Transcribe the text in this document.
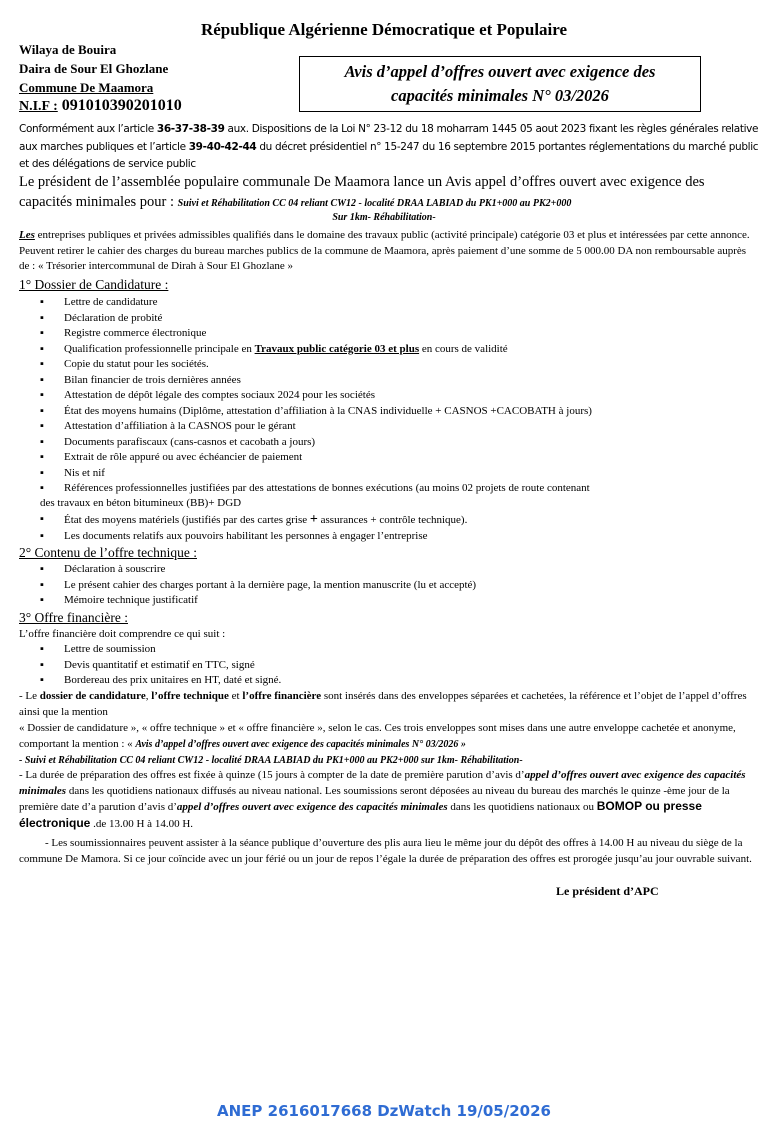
République Algérienne Démocratique et Populaire
Wilaya de Bouira
Daira de Sour El Ghozlane
Commune De Maamora
Avis d’appel d’offres ouvert avec exigence des
capacités minimales N° 03/2026
N.I.F : 091010390201010
Conformément aux l’article 36-37-38-39 aux. Dispositions de la Loi N° 23-12 du 18 moharram 1445 05 aout 2023 fixant les règles générales relative aux marches publiques et l’article 39-40-42-44 du décret présidentiel n° 15-247 du 16 septembre 2015 portantes réglementations du marché public et des délégations de service public
Le président de l’assemblée populaire communale De Maamora lance un Avis appel d’offres ouvert avec exigence des capacités minimales pour : Suivi et Réhabilitation CC 04 reliant CW12 - localité DRAA LABIAD du PK1+000 au PK2+000
Sur 1km- Réhabilitation-
Les entreprises publiques et privées admissibles qualifiés dans le domaine des travaux public (activité principale) catégorie 03 et plus et intéressées par cette annonce. Peuvent retirer le cahier des charges du bureau marches publics de la commune de Maamora, après paiement d’une somme de 5 000.00 DA non remboursable auprès de : « Trésorier intercommunal de Dirah à Sour El Ghozlane »
1° Dossier de Candidature :
▪ Lettre de candidature
▪ Déclaration de probité
▪ Registre commerce électronique
▪ Qualification professionnelle principale en Travaux public catégorie 03 et plus en cours de validité
▪ Copie du statut pour les sociétés.
▪ Bilan financier de trois dernières années
▪ Attestation de dépôt légale des comptes sociaux 2024 pour les sociétés
▪ État des moyens humains (Diplôme, attestation d’affiliation à la CNAS individuelle + CASNOS +CACOBATH à jours)
▪ Attestation d’affiliation à la CASNOS pour le gérant
▪ Documents parafiscaux (cans-casnos et cacobath a jours)
▪ Extrait de rôle appuré ou avec échéancier de paiement
▪ Nis et nif
▪ Références professionnelles justifiées par des attestations de bonnes exécutions (au moins 02 projets de route contenant
des travaux en béton bitumineux (BB)+ DGD
▪ État des moyens matériels (justifiés par des cartes grise + assurances + contrôle technique).
▪ Les documents relatifs aux pouvoirs habilitant les personnes à engager l’entreprise
2° Contenu de l’offre technique :
▪ Déclaration à souscrire
▪ Le présent cahier des charges portant à la dernière page, la mention manuscrite (lu et accepté)
▪ Mémoire technique justificatif
3° Offre financière :
L’offre financière doit comprendre ce qui suit :
▪ Lettre de soumission
▪ Devis quantitatif et estimatif en TTC, signé
▪ Bordereau des prix unitaires en HT, daté et signé.
- Le dossier de candidature, l’offre technique et l’offre financière sont insérés dans des enveloppes séparées et cachetées, la référence et l’objet de l’appel d’offres ainsi que la mention
« Dossier de candidature », « offre technique » et « offre financière », selon le cas. Ces trois enveloppes sont mises dans une autre enveloppe cachetée et anonyme, comportant la mention : « Avis d’appel d’offres ouvert avec exigence des capacités minimales N° 03/2026 »
- Suivi et Réhabilitation CC 04 reliant CW12 - localité DRAA LABIAD du PK1+000 au PK2+000 sur 1km- Réhabilitation-
- La durée de préparation des offres est fixée à quinze (15 jours à compter de la date de première parution d’avis d’appel d’offres ouvert avec exigence des capacités minimales dans les quotidiens nationaux diffusés au niveau national. Les soumissions seront déposées au niveau du bureau des marchés le quinze -ème jour de la première date d’a parution d’avis d’appel d’offres ouvert avec exigence des capacités minimales dans les quotidiens nationaux ou BOMOP ou presse électronique .de 13.00 H à 14.00 H.
- Les soumissionnaires peuvent assister à la séance publique d’ouverture des plis aura lieu le même jour du dépôt des offres à 14.00 H au niveau du siège de la commune De Mamora. Si ce jour coïncide avec un jour férié ou un jour de repos l’égale la durée de préparation des offres est prorogée jusqu’au jour ouvrable suivant.
Le président d’APC
ANEP 2616017668 DzWatch 19/05/2026
